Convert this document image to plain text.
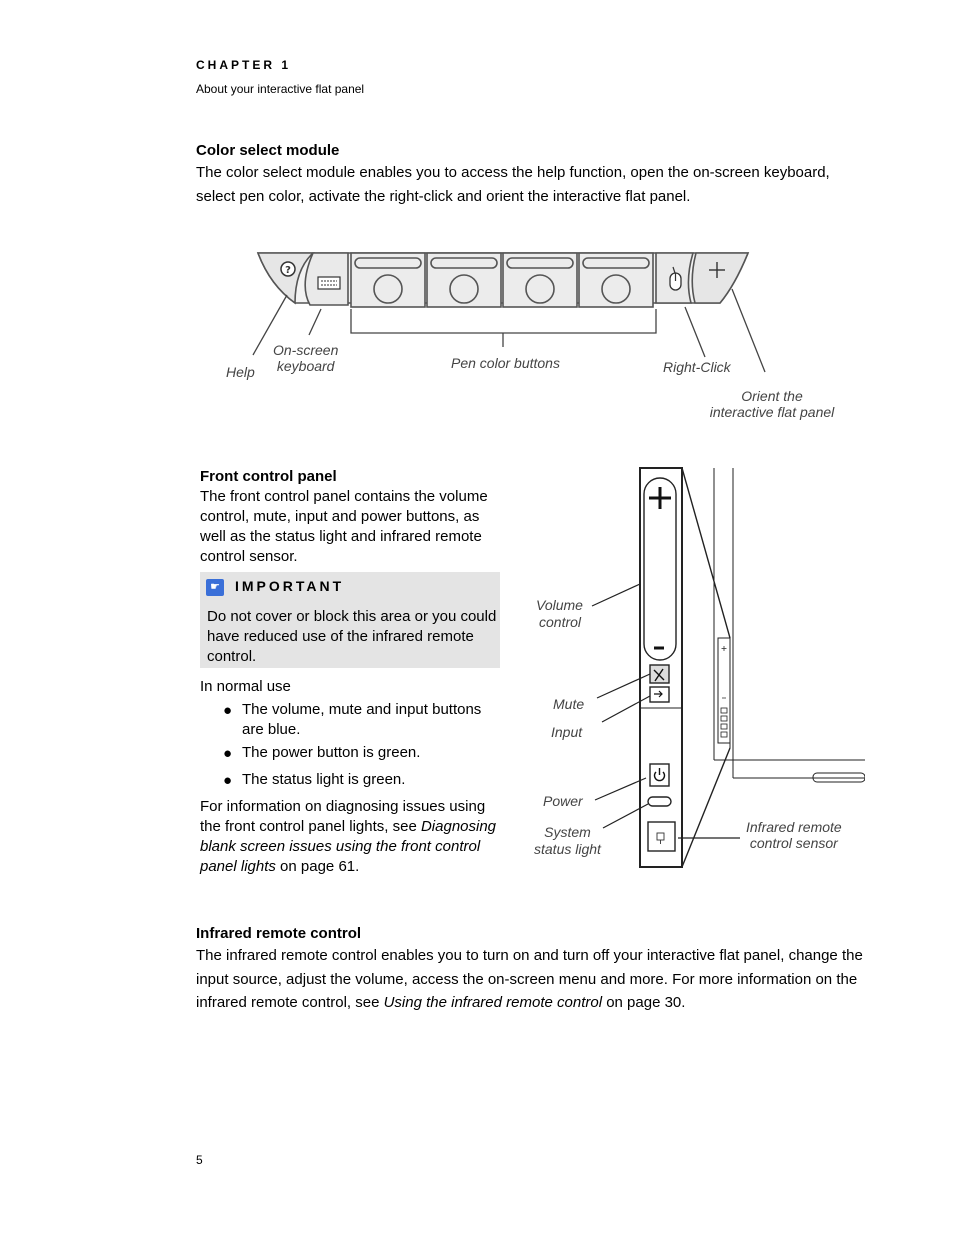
CHAPTER 1
About your interactive flat panel
Color select module
The color select module enables you to access the help function, open the on-screen keyboard,
select pen color, activate the right-click and orient the interactive flat panel.
?
Help
On-screen
keyboard	Pen color buttons	Right-Click
Orient the
interactive flat panel
Front control panel
The front control panel contains the volume
control, mute, input and power buttons, as
well as the status light and infrared remote
control sensor.
☛ IMPORTANT
Do not cover or block this area or you could
have reduced use of the infrared remote
control.
In normal use
● The volume, mute and input buttons
are blue.
● The power button is green.
● The status light is green.
For information on diagnosing issues using
the front control panel lights, see Diagnosing
blank screen issues using the front control
panel lights on page 61.
Volume
control
Mute
Input
Power
System
status light
Infrared remote
control sensor
Infrared remote control
The infrared remote control enables you to turn on and turn off your interactive flat panel, change the
input source, adjust the volume, access the on-screen menu and more. For more information on the
infrared remote control, see Using the infrared remote control on page 30.
5
